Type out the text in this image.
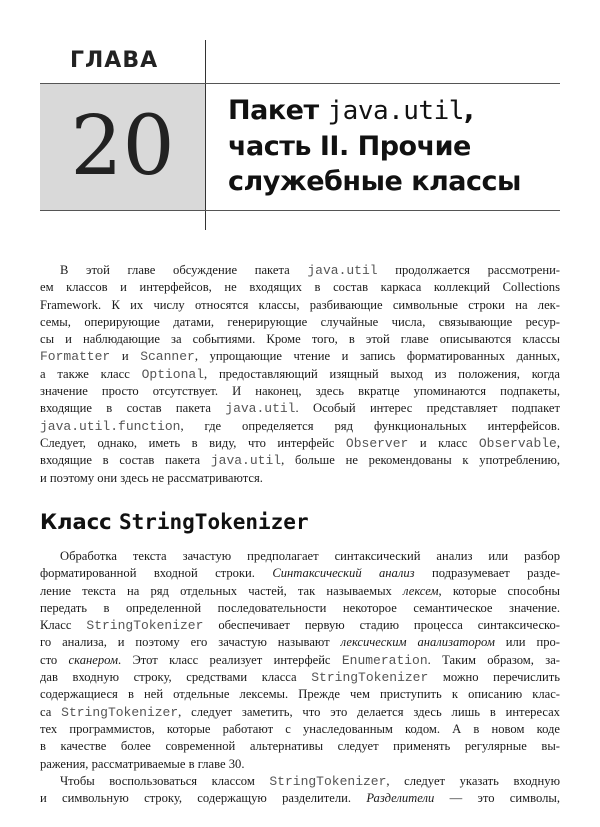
ГЛАВА
20	Пакет java.util,
часть II. Прочие
служебные классы
В этой главе обсуждение пакета java.util продолжается рассмотрени-
ем классов и интерфейсов, не входящих в состав каркаса коллекций Collections
Framework. К их числу относятся классы, разбивающие символьные строки на лек-
семы, оперирующие датами, генерирующие случайные числа, связывающие ресур-
сы и наблюдающие за событиями. Кроме того, в этой главе описываются классы
Formatter и Scanner, упрощающие чтение и запись форматированных данных,
а также класс Optional, предоставляющий изящный выход из положения, когда
значение просто отсутствует. И наконец, здесь вкратце упоминаются подпакеты,
входящие в состав пакета java.util. Особый интерес представляет подпакет
java.util.function, где определяется ряд функциональных интерфейсов.
Следует, однако, иметь в виду, что интерфейс Observer и класс Observable,
входящие в состав пакета java.util, больше не рекомендованы к употреблению,
и поэтому они здесь не рассматриваются.
Класс StringTokenizer
Обработка текста зачастую предполагает синтаксический анализ или разбор
форматированной входной строки. Синтаксический анализ подразумевает разде-
ление текста на ряд отдельных частей, так называемых лексем, которые способны
передать в определенной последовательности некоторое семантическое значение.
Класс StringTokenizer обеспечивает первую стадию процесса синтаксическо-
го анализа, и поэтому его зачастую называют лексическим анализатором или про-
сто сканером. Этот класс реализует интерфейс Enumeration. Таким образом, за-
дав входную строку, средствами класса StringTokenizer можно перечислить
содержащиеся в ней отдельные лексемы. Прежде чем приступить к описанию клас-
са StringTokenizer, следует заметить, что это делается здесь лишь в интересах
тех программистов, которые работают с унаследованным кодом. А в новом коде
в качестве более современной альтернативы следует применять регулярные вы-
ражения, рассматриваемые в главе 30.
Чтобы воспользоваться классом StringTokenizer, следует указать входную
и символьную строку, содержащую разделители. Разделители — это символы,
